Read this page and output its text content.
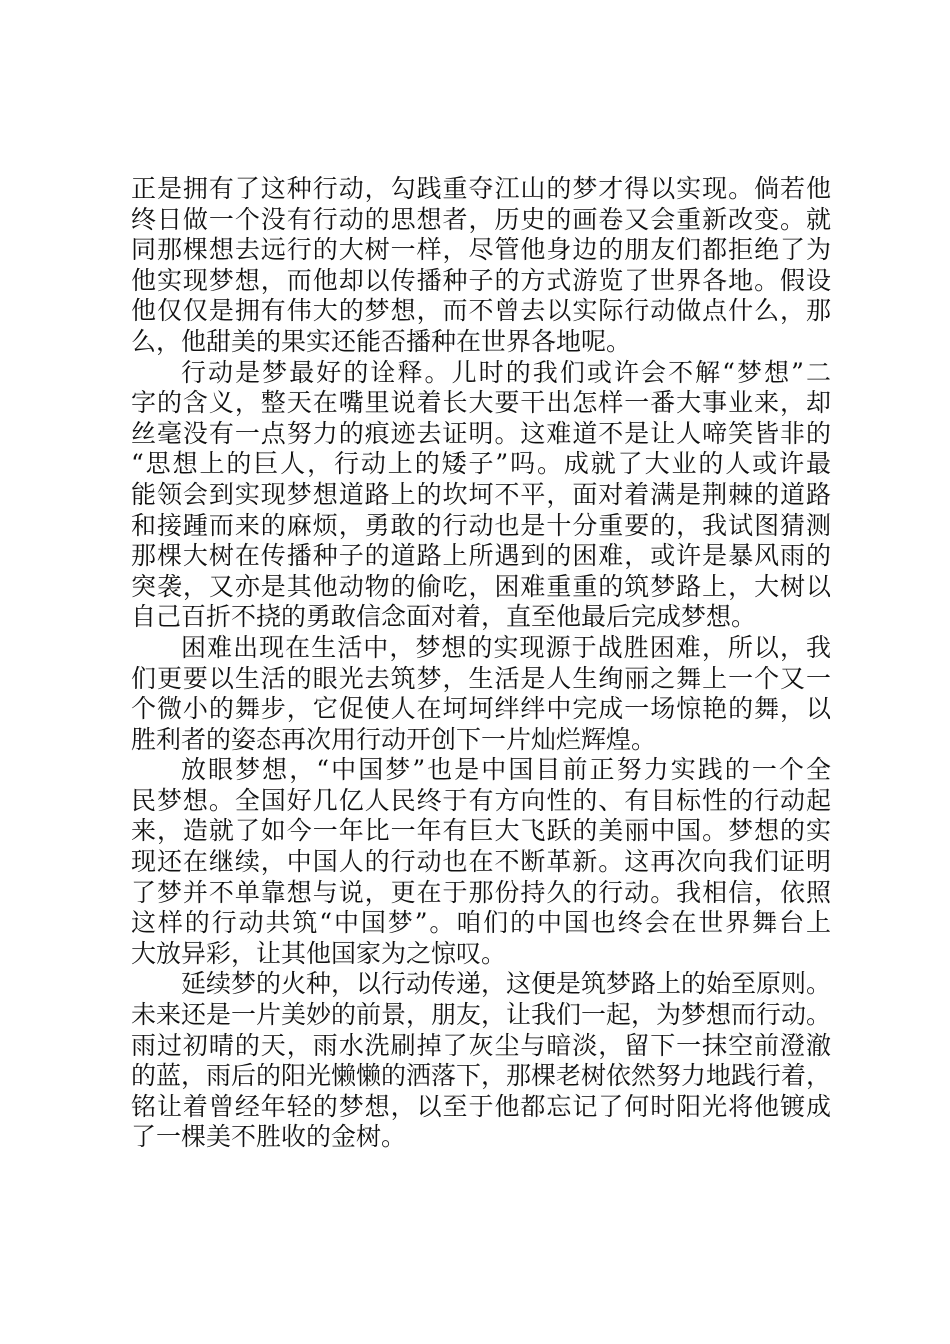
正是拥有了这种行动，勾践重夺江山的梦才得以实现。倘若他
终日做一个没有行动的思想者，历史的画卷又会重新改变。就
同那棵想去远行的大树一样，尽管他身边的朋友们都拒绝了为
他实现梦想，而他却以传播种子的方式游览了世界各地。假设
他仅仅是拥有伟大的梦想，而不曾去以实际行动做点什么，那
么，他甜美的果实还能否播种在世界各地呢。
行动是梦最好的诠释。儿时的我们或许会不解“梦想”二
字的含义，整天在嘴里说着长大要干出怎样一番大事业来，却
丝毫没有一点努力的痕迹去证明。这难道不是让人啼笑皆非的
“思想上的巨人，行动上的矮子”吗。成就了大业的人或许最
能领会到实现梦想道路上的坎坷不平，面对着满是荆棘的道路
和接踵而来的麻烦，勇敢的行动也是十分重要的，我试图猜测
那棵大树在传播种子的道路上所遇到的困难，或许是暴风雨的
突袭，又亦是其他动物的偷吃，困难重重的筑梦路上，大树以
自己百折不挠的勇敢信念面对着，直至他最后完成梦想。
困难出现在生活中，梦想的实现源于战胜困难，所以，我
们更要以生活的眼光去筑梦，生活是人生绚丽之舞上一个又一
个微小的舞步，它促使人在坷坷绊绊中完成一场惊艳的舞，以
胜利者的姿态再次用行动开创下一片灿烂辉煌。
放眼梦想，“中国梦”也是中国目前正努力实践的一个全
民梦想。全国好几亿人民终于有方向性的、有目标性的行动起
来，造就了如今一年比一年有巨大飞跃的美丽中国。梦想的实
现还在继续，中国人的行动也在不断革新。这再次向我们证明
了梦并不单靠想与说，更在于那份持久的行动。我相信，依照
这样的行动共筑“中国梦”。咱们的中国也终会在世界舞台上
大放异彩，让其他国家为之惊叹。
延续梦的火种，以行动传递，这便是筑梦路上的始至原则。
未来还是一片美妙的前景，朋友，让我们一起，为梦想而行动。
雨过初晴的天，雨水洗刷掉了灰尘与暗淡，留下一抹空前澄澈
的蓝，雨后的阳光懒懒的洒落下，那棵老树依然努力地践行着，
铭让着曾经年轻的梦想，以至于他都忘记了何时阳光将他镀成
了一棵美不胜收的金树。
